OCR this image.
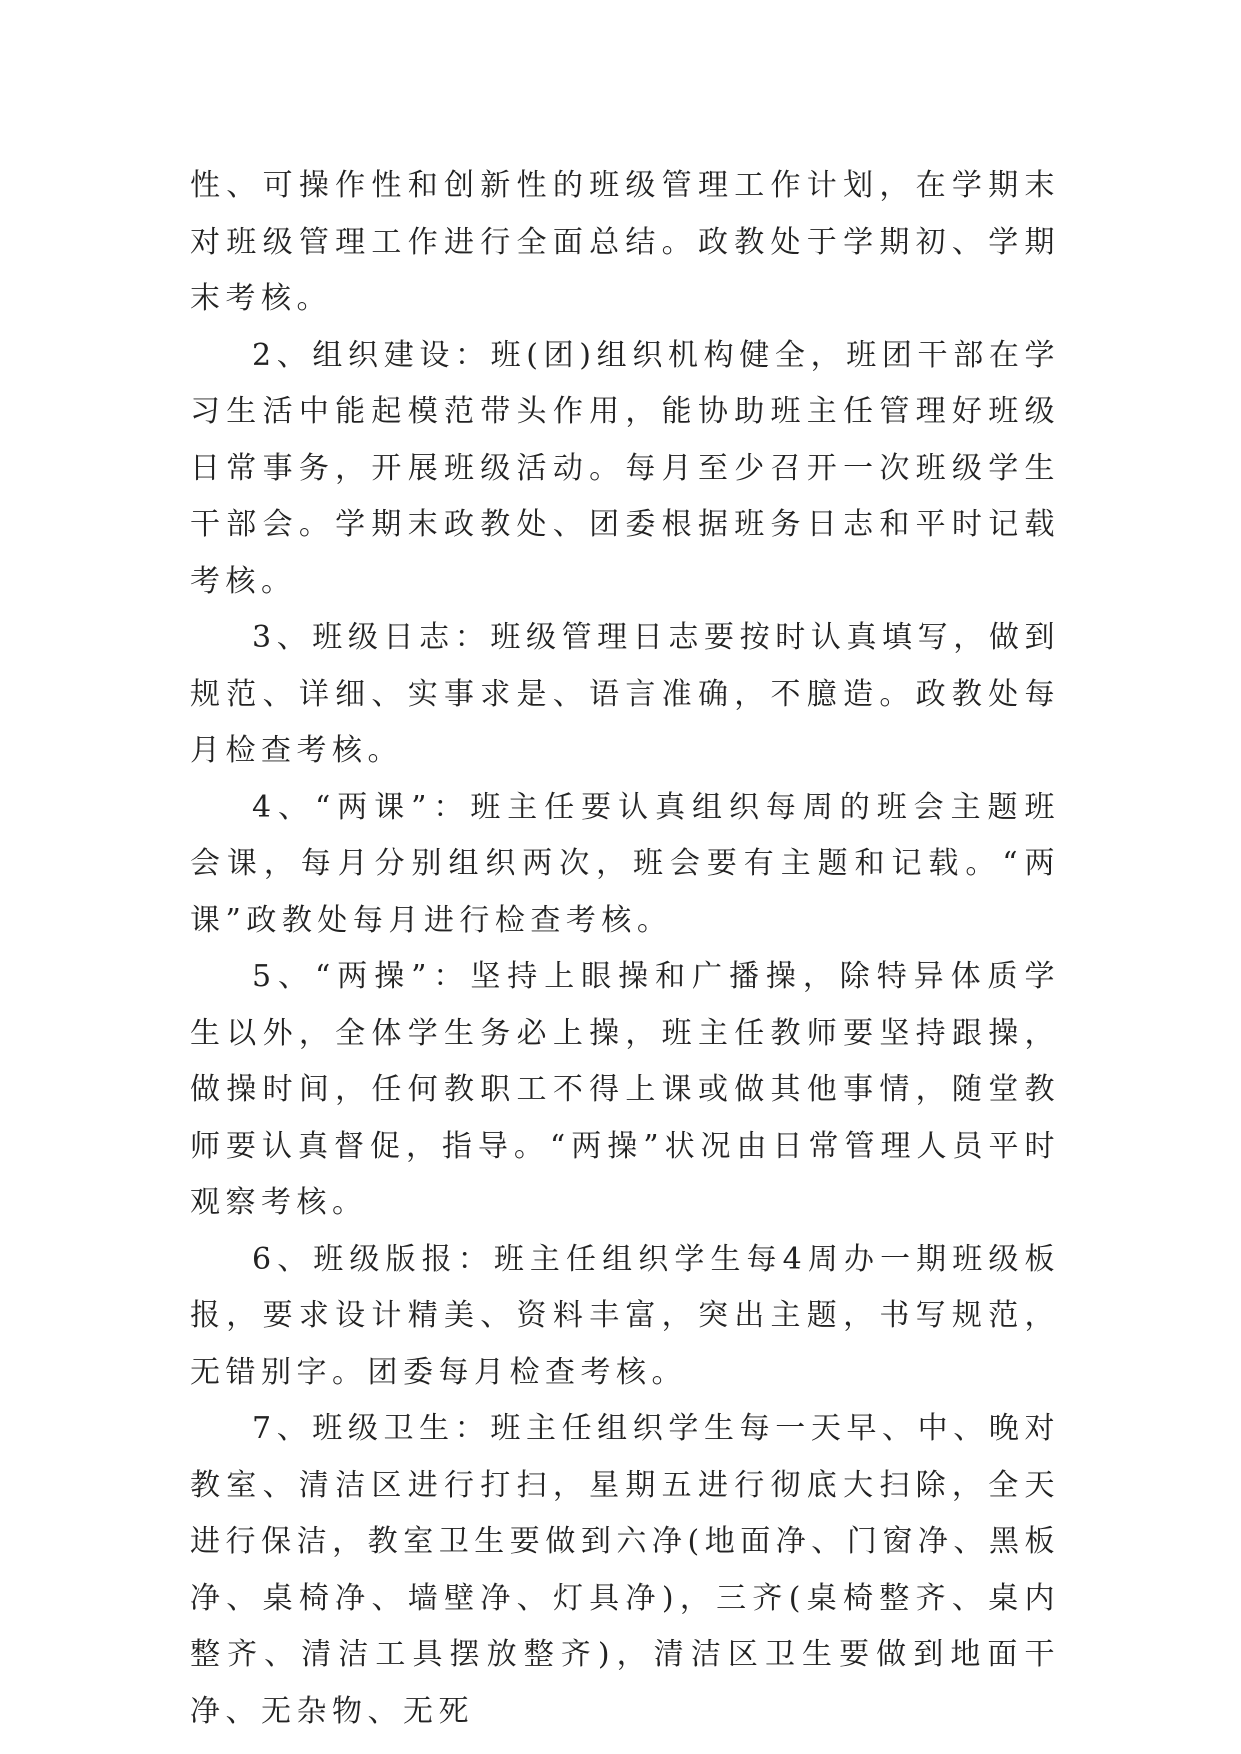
性、可操作性和创新性的班级管理工作计划，在学期末对班级管理工作进行全面总结。政教处于学期初、学期末考核。

2、组织建设：班(团)组织机构健全，班团干部在学习生活中能起模范带头作用，能协助班主任管理好班级日常事务，开展班级活动。每月至少召开一次班级学生干部会。学期末政教处、团委根据班务日志和平时记载考核。

3、班级日志：班级管理日志要按时认真填写，做到规范、详细、实事求是、语言准确，不臆造。政教处每月检查考核。

4、“两课”：班主任要认真组织每周的班会主题班会课，每月分别组织两次，班会要有主题和记载。“两课”政教处每月进行检查考核。

5、“两操”：坚持上眼操和广播操，除特异体质学生以外，全体学生务必上操，班主任教师要坚持跟操，做操时间，任何教职工不得上课或做其他事情，随堂教师要认真督促，指导。“两操”状况由日常管理人员平时观察考核。

6、班级版报：班主任组织学生每4周办一期班级板报，要求设计精美、资料丰富，突出主题，书写规范，无错别字。团委每月检查考核。

7、班级卫生：班主任组织学生每一天早、中、晚对教室、清洁区进行打扫，星期五进行彻底大扫除，全天进行保洁，教室卫生要做到六净(地面净、门窗净、黑板净、桌椅净、墙壁净、灯具净)，三齐(桌椅整齐、桌内整齐、清洁工具摆放整齐)，清洁区卫生要做到地面干净、无杂物、无死
